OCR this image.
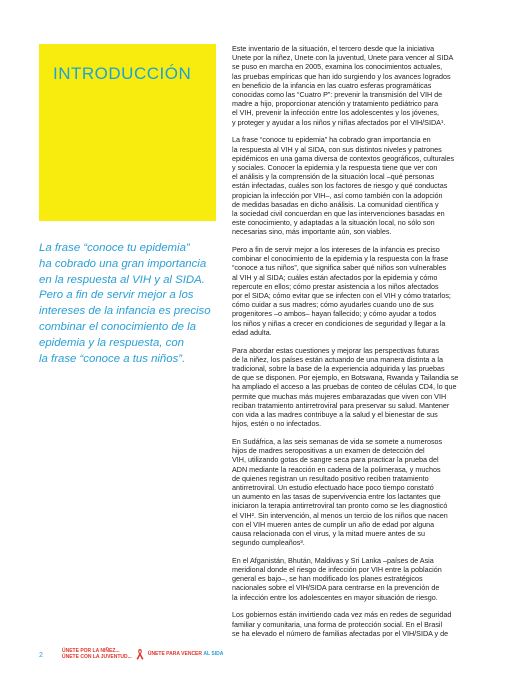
INTRODUCCIÓN
La frase “conoce tu epidemia”
ha cobrado una gran importancia
en la respuesta al VIH y al SIDA.
Pero a fin de servir mejor a los
intereses de la infancia es preciso
combinar el conocimiento de la
epidemia y la respuesta, con
la frase “conoce a tus niños”.

Este inventario de la situación, el tercero desde que la iniciativa
Unete por la niñez, Unete con la juventud, Unete para vencer al SIDA
se puso en marcha en 2005, examina los conocimientos actuales,
las pruebas empíricas que han ido surgiendo y los avances logrados
en beneficio de la infancia en las cuatro esferas programáticas
conocidas como las “Cuatro P”: prevenir la transmisión del VIH de
madre a hijo, proporcionar atención y tratamiento pediátrico para
el VIH, prevenir la infección entre los adolescentes y los jóvenes,
y proteger y ayudar a los niños y niñas afectados por el VIH/SIDA¹.

La frase “conoce tu epidemia” ha cobrado gran importancia en
la respuesta al VIH y al SIDA, con sus distintos niveles y patrones
epidémicos en una gama diversa de contextos geográficos, culturales
y sociales. Conocer la epidemia y la respuesta tiene que ver con
el análisis y la comprensión de la situación local –qué personas
están infectadas, cuáles son los factores de riesgo y qué conductas
propician la infección por VIH–, así como también con la adopción
de medidas basadas en dicho análisis. La comunidad científica y
la sociedad civil concuerdan en que las intervenciones basadas en
este conocimiento, y adaptadas a la situación local, no sólo son
necesarias sino, más importante aún, son viables.

Pero a fin de servir mejor a los intereses de la infancia es preciso
combinar el conocimiento de la epidemia y la respuesta con la frase
“conoce a tus niños”, que significa saber qué niños son vulnerables
al VIH y al SIDA; cuáles están afectados por la epidemia y cómo
repercute en ellos; cómo prestar asistencia a los niños afectados
por el SIDA; cómo evitar que se infecten con el VIH y cómo tratarlos;
cómo cuidar a sus madres; cómo ayudarles cuando uno de sus
progenitores –o ambos– hayan fallecido; y cómo ayudar a todos
los niños y niñas a crecer en condiciones de seguridad y llegar a la
edad adulta.

Para abordar estas cuestiones y mejorar las perspectivas futuras
de la niñez, los países están actuando de una manera distinta a la
tradicional, sobre la base de la experiencia adquirida y las pruebas
de que se disponen. Por ejemplo, en Botswana, Rwanda y Tailandia se
ha ampliado el acceso a las pruebas de conteo de células CD4, lo que
permite que muchas más mujeres embarazadas que viven con VIH
reciban tratamiento antirretroviral para preservar su salud. Mantener
con vida a las madres contribuye a la salud y el bienestar de sus
hijos, estén o no infectados.

En Sudáfrica, a las seis semanas de vida se somete a numerosos
hijos de madres seropositivas a un examen de detección del
VIH, utilizando gotas de sangre seca para practicar la prueba del
ADN mediante la reacción en cadena de la polimerasa, y muchos
de quienes registran un resultado positivo reciben tratamiento
antirretroviral. Un estudio efectuado hace poco tiempo constató
un aumento en las tasas de supervivencia entre los lactantes que
iniciaron la terapia antirretroviral tan pronto como se les diagnosticó
el VIH². Sin intervención, al menos un tercio de los niños que nacen
con el VIH mueren antes de cumplir un año de edad por alguna
causa relacionada con el virus, y la mitad muere antes de su
segundo cumpleaños³.

En el Afganistán, Bhután, Maldivas y Sri Lanka –países de Asia
meridional donde el riesgo de infección por VIH entre la población
general es bajo–, se han modificado los planes estratégicos
nacionales sobre el VIH/SIDA para centrarse en la prevención de
la infección entre los adolescentes en mayor situación de riesgo.

Los gobiernos están invirtiendo cada vez más en redes de seguridad
familiar y comunitaria, una forma de protección social. En el Brasil
se ha elevado el número de familias afectadas por el VIH/SIDA y de

2
ÚNETE POR LA NIÑEZ...
ÚNETE CON LA JUVENTUD...	ÚNETE PARA VENCER AL SIDA
